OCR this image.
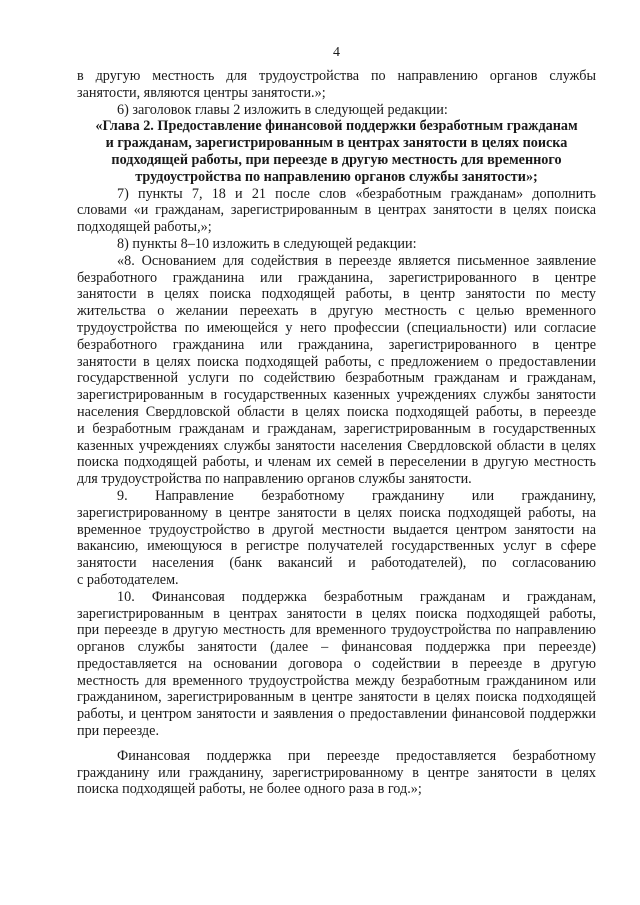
4
в другую местность для трудоустройства по направлению органов службы
занятости, являются центры занятости.»;
6) заголовок главы 2 изложить в следующей редакции:
«Глава 2. Предоставление финансовой поддержки безработным гражданам
и гражданам, зарегистрированным в центрах занятости в целях поиска
подходящей работы, при переезде в другую местность для временного
трудоустройства по направлению органов службы занятости»;
7) пункты 7, 18 и 21 после слов «безработным гражданам» дополнить
словами «и гражданам, зарегистрированным в центрах занятости в целях поиска
подходящей работы,»;
8) пункты 8–10 изложить в следующей редакции:
«8. Основанием для содействия в переезде является письменное заявление
безработного гражданина или гражданина, зарегистрированного в центре
занятости в целях поиска подходящей работы, в центр занятости по месту
жительства о желании переехать в другую местность с целью временного
трудоустройства по имеющейся у него профессии (специальности) или согласие
безработного гражданина или гражданина, зарегистрированного в центре
занятости в целях поиска подходящей работы, с предложением о предоставлении
государственной услуги по содействию безработным гражданам и гражданам,
зарегистрированным в государственных казенных учреждениях службы занятости
населения Свердловской области в целях поиска подходящей работы, в переезде
и безработным гражданам и гражданам, зарегистрированным в государственных
казенных учреждениях службы занятости населения Свердловской области в целях
поиска подходящей работы, и членам их семей в переселении в другую местность
для трудоустройства по направлению органов службы занятости.
9. Направление безработному гражданину или гражданину,
зарегистрированному в центре занятости в целях поиска подходящей работы, на
временное трудоустройство в другой местности выдается центром занятости на
вакансию, имеющуюся в регистре получателей государственных услуг в сфере
занятости населения (банк вакансий и работодателей), по согласованию
с работодателем.
10. Финансовая поддержка безработным гражданам и гражданам,
зарегистрированным в центрах занятости в целях поиска подходящей работы,
при переезде в другую местность для временного трудоустройства по направлению
органов службы занятости (далее – финансовая поддержка при переезде)
предоставляется на основании договора о содействии в переезде в другую
местность для временного трудоустройства между безработным гражданином или
гражданином, зарегистрированным в центре занятости в целях поиска подходящей
работы, и центром занятости и заявления о предоставлении финансовой поддержки
при переезде.
Финансовая поддержка при переезде предоставляется безработному
гражданину или гражданину, зарегистрированному в центре занятости в целях
поиска подходящей работы, не более одного раза в год.»;
